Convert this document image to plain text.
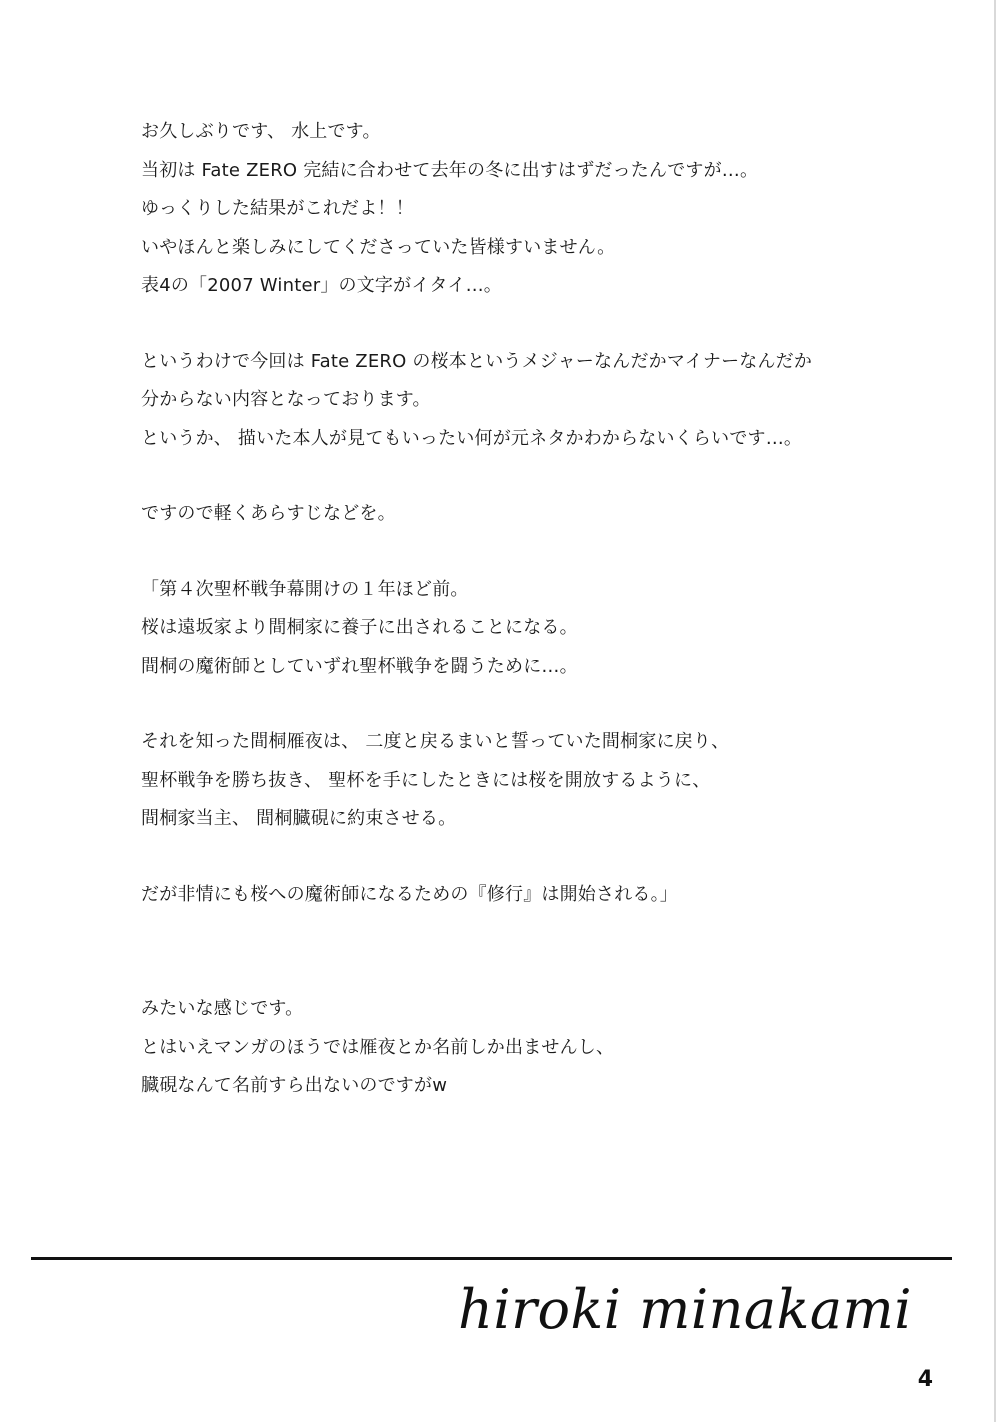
お久しぶりです、 水上です。
当初は Fate ZERO 完結に合わせて去年の冬に出すはずだったんですが…。
ゆっくりした結果がこれだよ！！
いやほんと楽しみにしてくださっていた皆様すいません。
表4の「2007 Winter」の文字がイタイ…。
というわけで今回は Fate ZERO の桜本というメジャーなんだかマイナーなんだか
分からない内容となっております。
というか、 描いた本人が見てもいったい何が元ネタかわからないくらいです…。
ですので軽くあらすじなどを。
「第４次聖杯戦争幕開けの１年ほど前。
桜は遠坂家より間桐家に養子に出されることになる。
間桐の魔術師としていずれ聖杯戦争を闘うために…。
それを知った間桐雁夜は、 二度と戻るまいと誓っていた間桐家に戻り、
聖杯戦争を勝ち抜き、 聖杯を手にしたときには桜を開放するように、
間桐家当主、 間桐臓硯に約束させる。
だが非情にも桜への魔術師になるための『修行』は開始される。」
みたいな感じです。
とはいえマンガのほうでは雁夜とか名前しか出ませんし、
臓硯なんて名前すら出ないのですがw
hiroki minakami
4
